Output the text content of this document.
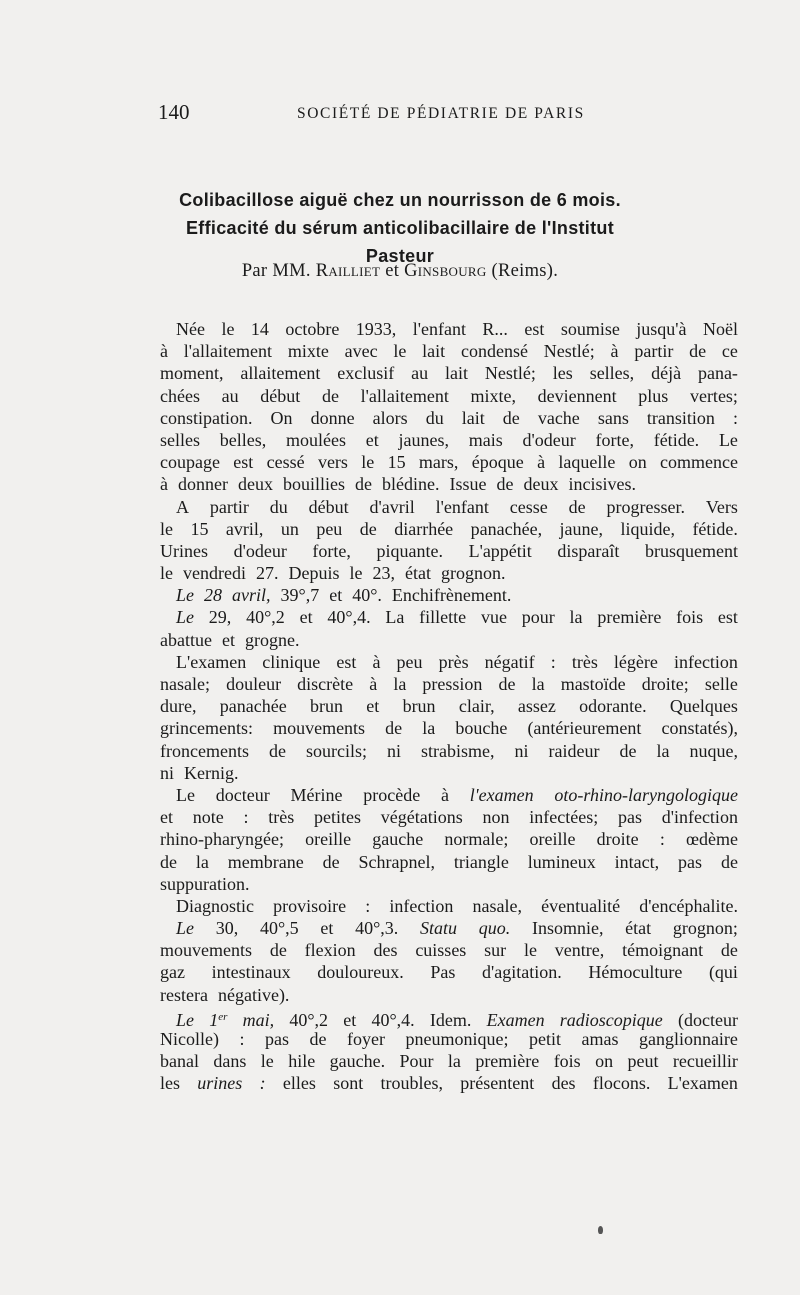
140	SOCIÉTÉ DE PÉDIATRIE DE PARIS
Colibacillose aiguë chez un nourrisson de 6 mois.
Efficacité du sérum anticolibacillaire de l'Institut Pasteur
Par MM. Railliet et Ginsbourg (Reims).
Née le 14 octobre 1933, l'enfant R... est soumise jusqu'à Noël
à l'allaitement mixte avec le lait condensé Nestlé; à partir de ce
moment, allaitement exclusif au lait Nestlé; les selles, déjà pana-
chées au début de l'allaitement mixte, deviennent plus vertes;
constipation. On donne alors du lait de vache sans transition :
selles belles, moulées et jaunes, mais d'odeur forte, fétide. Le
coupage est cessé vers le 15 mars, époque à laquelle on commence
à donner deux bouillies de blédine. Issue de deux incisives.
A partir du début d'avril l'enfant cesse de progresser. Vers
le 15 avril, un peu de diarrhée panachée, jaune, liquide, fétide.
Urines d'odeur forte, piquante. L'appétit disparaît brusquement
le vendredi 27. Depuis le 23, état grognon.
Le 28 avril, 39°,7 et 40°. Enchifrènement.
Le 29, 40°,2 et 40°,4. La fillette vue pour la première fois est
abattue et grogne.
L'examen clinique est à peu près négatif : très légère infection
nasale; douleur discrète à la pression de la mastoïde droite; selle
dure, panachée brun et brun clair, assez odorante. Quelques
grincements: mouvements de la bouche (antérieurement constatés),
froncements de sourcils; ni strabisme, ni raideur de la nuque,
ni Kernig.
Le docteur Mérine procède à l'examen oto-rhino-laryngologique
et note : très petites végétations non infectées; pas d'infection
rhino-pharyngée; oreille gauche normale; oreille droite : œdème
de la membrane de Schrapnel, triangle lumineux intact, pas de
suppuration.
Diagnostic provisoire : infection nasale, éventualité d'encéphalite.
Le 30, 40°,5 et 40°,3. Statu quo. Insomnie, état grognon;
mouvements de flexion des cuisses sur le ventre, témoignant de
gaz intestinaux douloureux. Pas d'agitation. Hémoculture (qui
restera négative).
Le 1er mai, 40°,2 et 40°,4. Idem. Examen radioscopique (docteur
Nicolle) : pas de foyer pneumonique; petit amas ganglionnaire
banal dans le hile gauche. Pour la première fois on peut recueillir
les urines : elles sont troubles, présentent des flocons. L'examen
